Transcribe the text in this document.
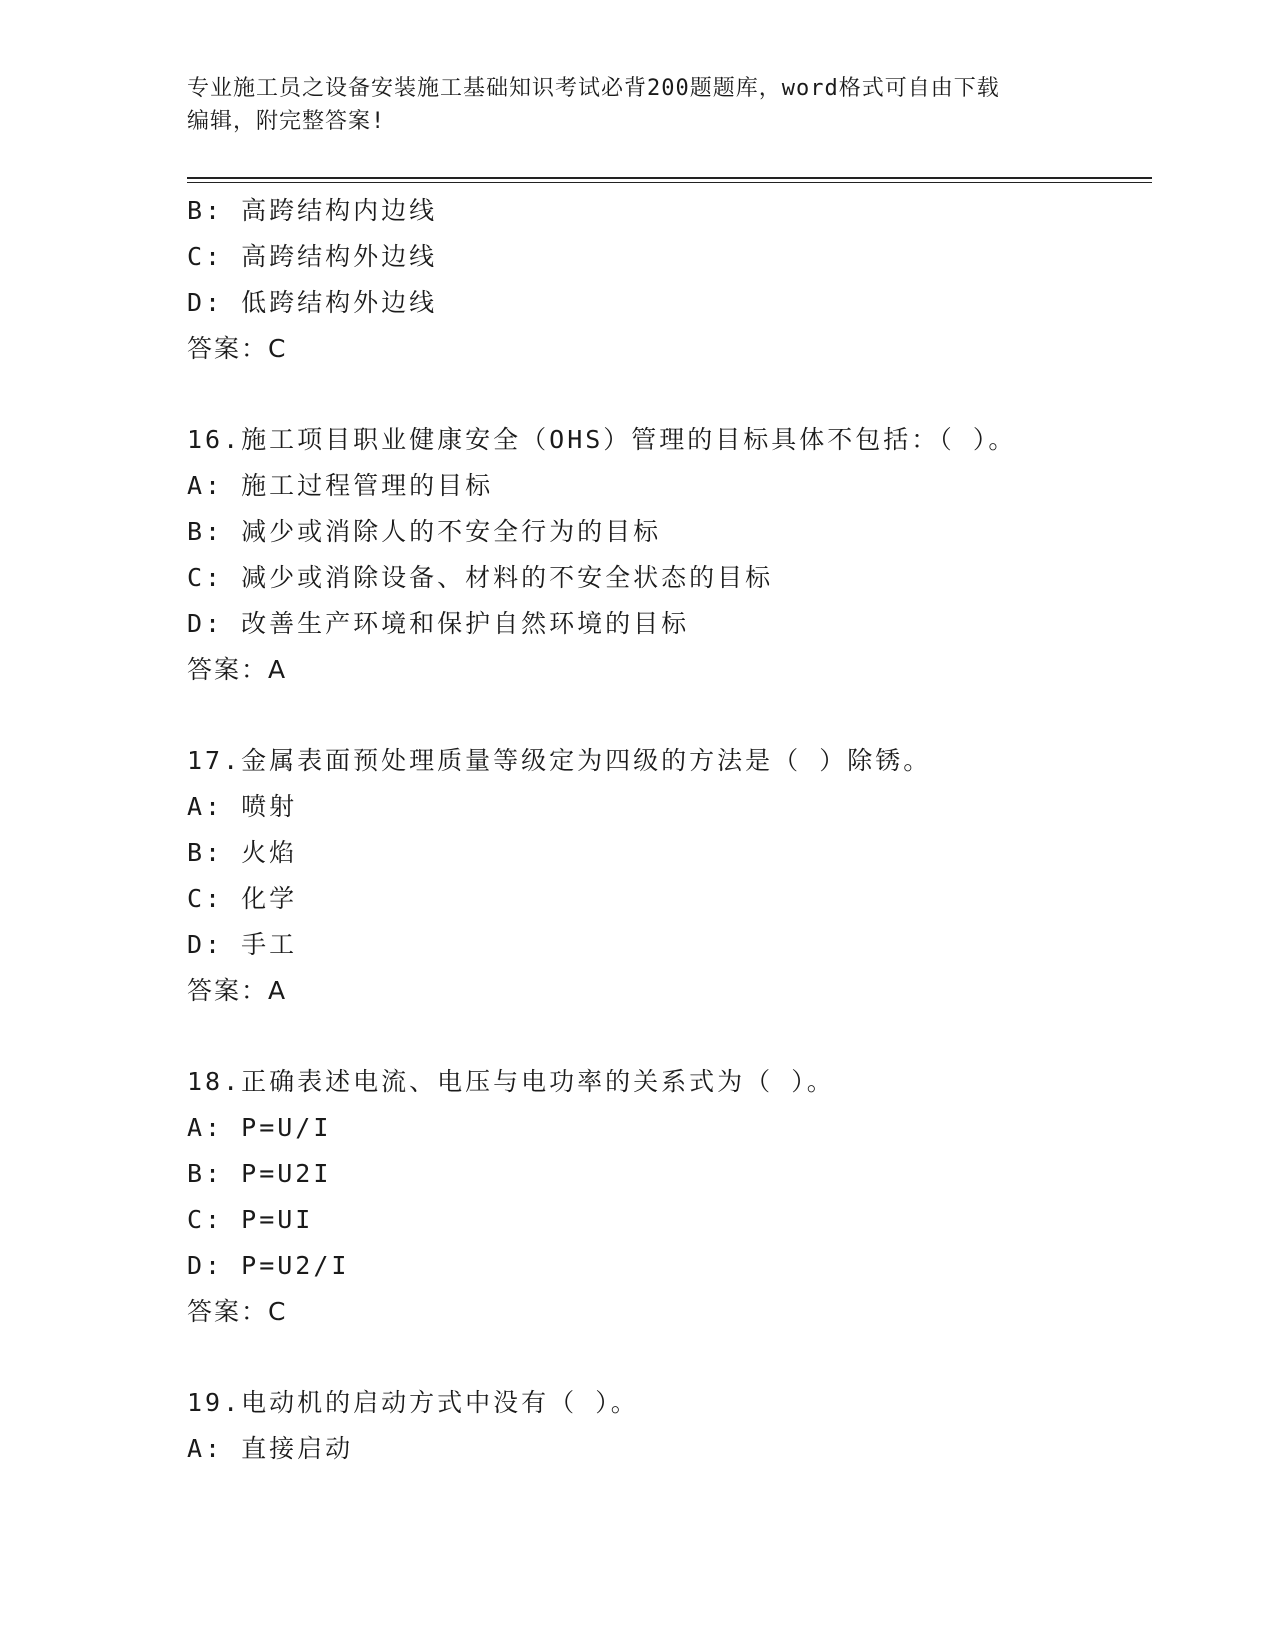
专业施工员之设备安装施工基础知识考试必背200题题库，word格式可自由下载
编辑，附完整答案!
B: 高跨结构内边线
C: 高跨结构外边线
D: 低跨结构外边线
答案：C
16.施工项目职业健康安全（OHS）管理的目标具体不包括：（ ）。
A: 施工过程管理的目标
B: 减少或消除人的不安全行为的目标
C: 减少或消除设备、材料的不安全状态的目标
D: 改善生产环境和保护自然环境的目标
答案：A
17.金属表面预处理质量等级定为四级的方法是（ ）除锈。
A: 喷射
B: 火焰
C: 化学
D: 手工
答案：A
18.正确表述电流、电压与电功率的关系式为（ ）。
A: P=U/I
B: P=U2I
C: P=UI
D: P=U2/I
答案：C
19.电动机的启动方式中没有（ ）。
A: 直接启动
